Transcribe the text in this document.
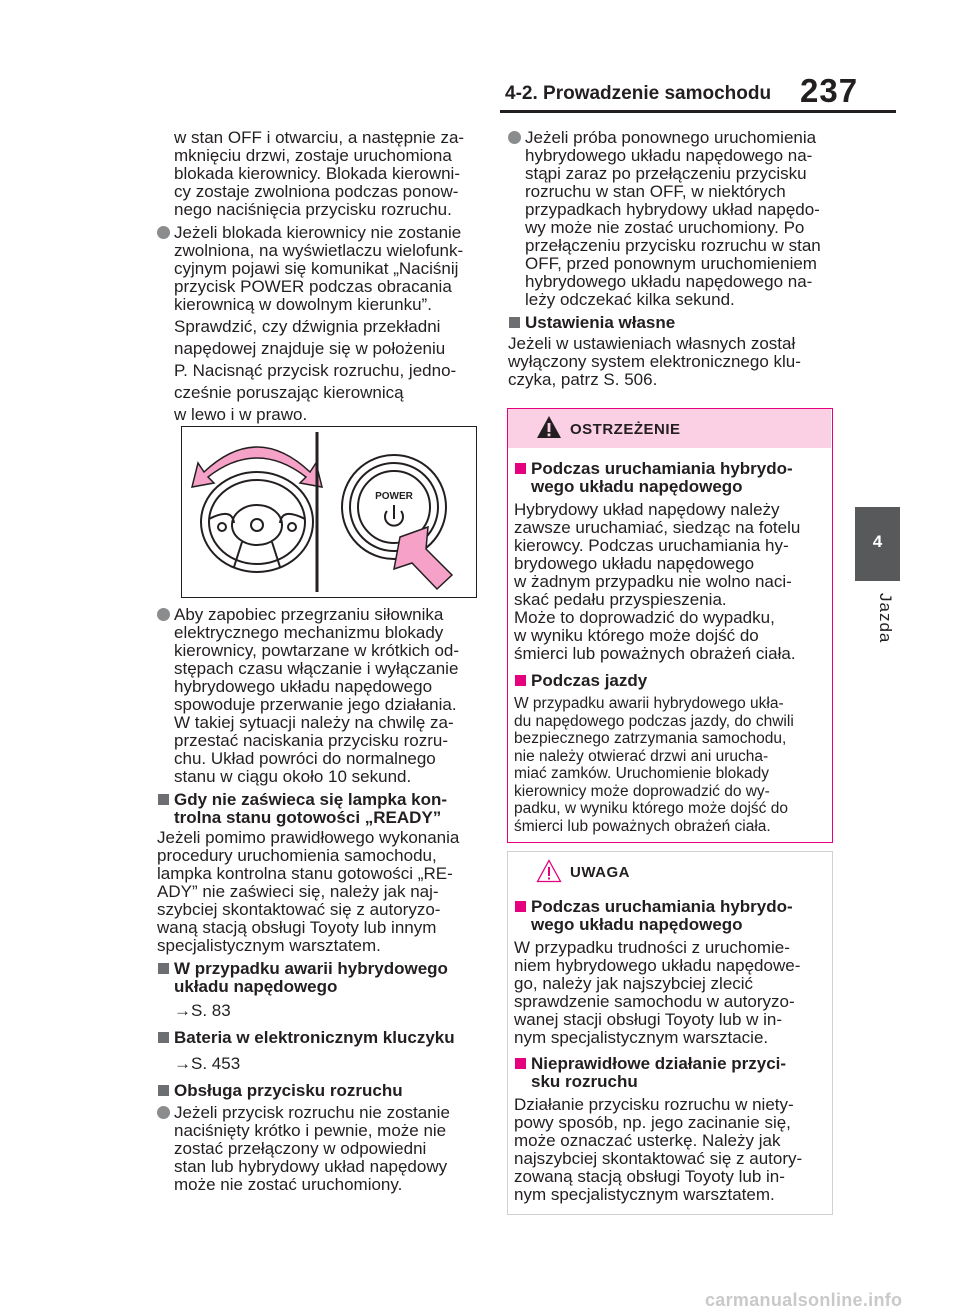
4-2. Prowadzenie samochodu 237
4
Jazda

w stan OFF i otwarciu, a następnie za-

mknięciu drzwi, zostaje uruchomiona

blokada kierownicy. Blokada kierowni-

cy zostaje zwolniona podczas ponow-

nego naciśnięcia przycisku rozruchu.

Jeżeli blokada kierownicy nie zostanie

zwolniona, na wyświetlaczu wielofunk-

cyjnym pojawi się komunikat „Naciśnij

przycisk POWER podczas obracania

kierownicą w dowolnym kierunku”.

Sprawdzić, czy dźwignia przekładni

napędowej znajduje się w położeniu

P. Nacisnąć przycisk rozruchu, jedno-

cześnie poruszając kierownicą

w lewo i w prawo.

POWER

Aby zapobiec przegrzaniu siłownika

elektrycznego mechanizmu blokady

kierownicy, powtarzane w krótkich od-

stępach czasu włączanie i wyłączanie

hybrydowego układu napędowego

spowoduje przerwanie jego działania.

W takiej sytuacji należy na chwilę za-

przestać naciskania przycisku rozru-

chu. Układ powróci do normalnego

stanu w ciągu około 10 sekund.

Gdy nie zaświeca się lampka kon-

trolna stanu gotowości „READY”

Jeżeli pomimo prawidłowego wykonania

procedury uruchomienia samochodu,

lampka kontrolna stanu gotowości „RE-

ADY” nie zaświeci się, należy jak naj-

szybciej skontaktować się z autoryzo-

waną stacją obsługi Toyoty lub innym

specjalistycznym warsztatem.

W przypadku awarii hybrydowego

układu napędowego

→S. 83
Bateria w elektronicznym kluczyku
→S. 453
Obsługa przycisku rozruchu

Jeżeli przycisk rozruchu nie zostanie

naciśnięty krótko i pewnie, może nie

zostać przełączony w odpowiedni

stan lub hybrydowy układ napędowy

może nie zostać uruchomiony.

Jeżeli próba ponownego uruchomienia

hybrydowego układu napędowego na-

stąpi zaraz po przełączeniu przycisku

rozruchu w stan OFF, w niektórych

przypadkach hybrydowy układ napędo-

wy może nie zostać uruchomiony. Po

przełączeniu przycisku rozruchu w stan

OFF, przed ponownym uruchomieniem

hybrydowego układu napędowego na-

leży odczekać kilka sekund.

Ustawienia własne

Jeżeli w ustawieniach własnych został

wyłączony system elektronicznego klu-

czyka, patrz S. 506.

OSTRZEŻENIE

Podczas uruchamiania hybrydo-

wego układu napędowego

Hybrydowy układ napędowy należy

zawsze uruchamiać, siedząc na fotelu

kierowcy. Podczas uruchamiania hy-

brydowego układu napędowego

w żadnym przypadku nie wolno naci-

skać pedału przyspieszenia.

Może to doprowadzić do wypadku,

w wyniku którego może dojść do

śmierci lub poważnych obrażeń ciała.

Podczas jazdy

W przypadku awarii hybrydowego ukła-

du napędowego podczas jazdy, do chwili

bezpiecznego zatrzymania samochodu,

nie należy otwierać drzwi ani urucha-

miać zamków. Uruchomienie blokady

kierownicy może doprowadzić do wy-

padku, w wyniku którego może dojść do

śmierci lub poważnych obrażeń ciała.

UWAGA

Podczas uruchamiania hybrydo-

wego układu napędowego

W przypadku trudności z uruchomie-

niem hybrydowego układu napędowe-

go, należy jak najszybciej zlecić

sprawdzenie samochodu w autoryzo-

wanej stacji obsługi Toyoty lub w in-

nym specjalistycznym warsztacie.

Nieprawidłowe działanie przyci-

sku rozruchu

Działanie przycisku rozruchu w niety-

powy sposób, np. jego zacinanie się,

może oznaczać usterkę. Należy jak

najszybciej skontaktować się z autory-

zowaną stacją obsługi Toyoty lub in-

nym specjalistycznym warsztatem.

carmanualsonline.info
